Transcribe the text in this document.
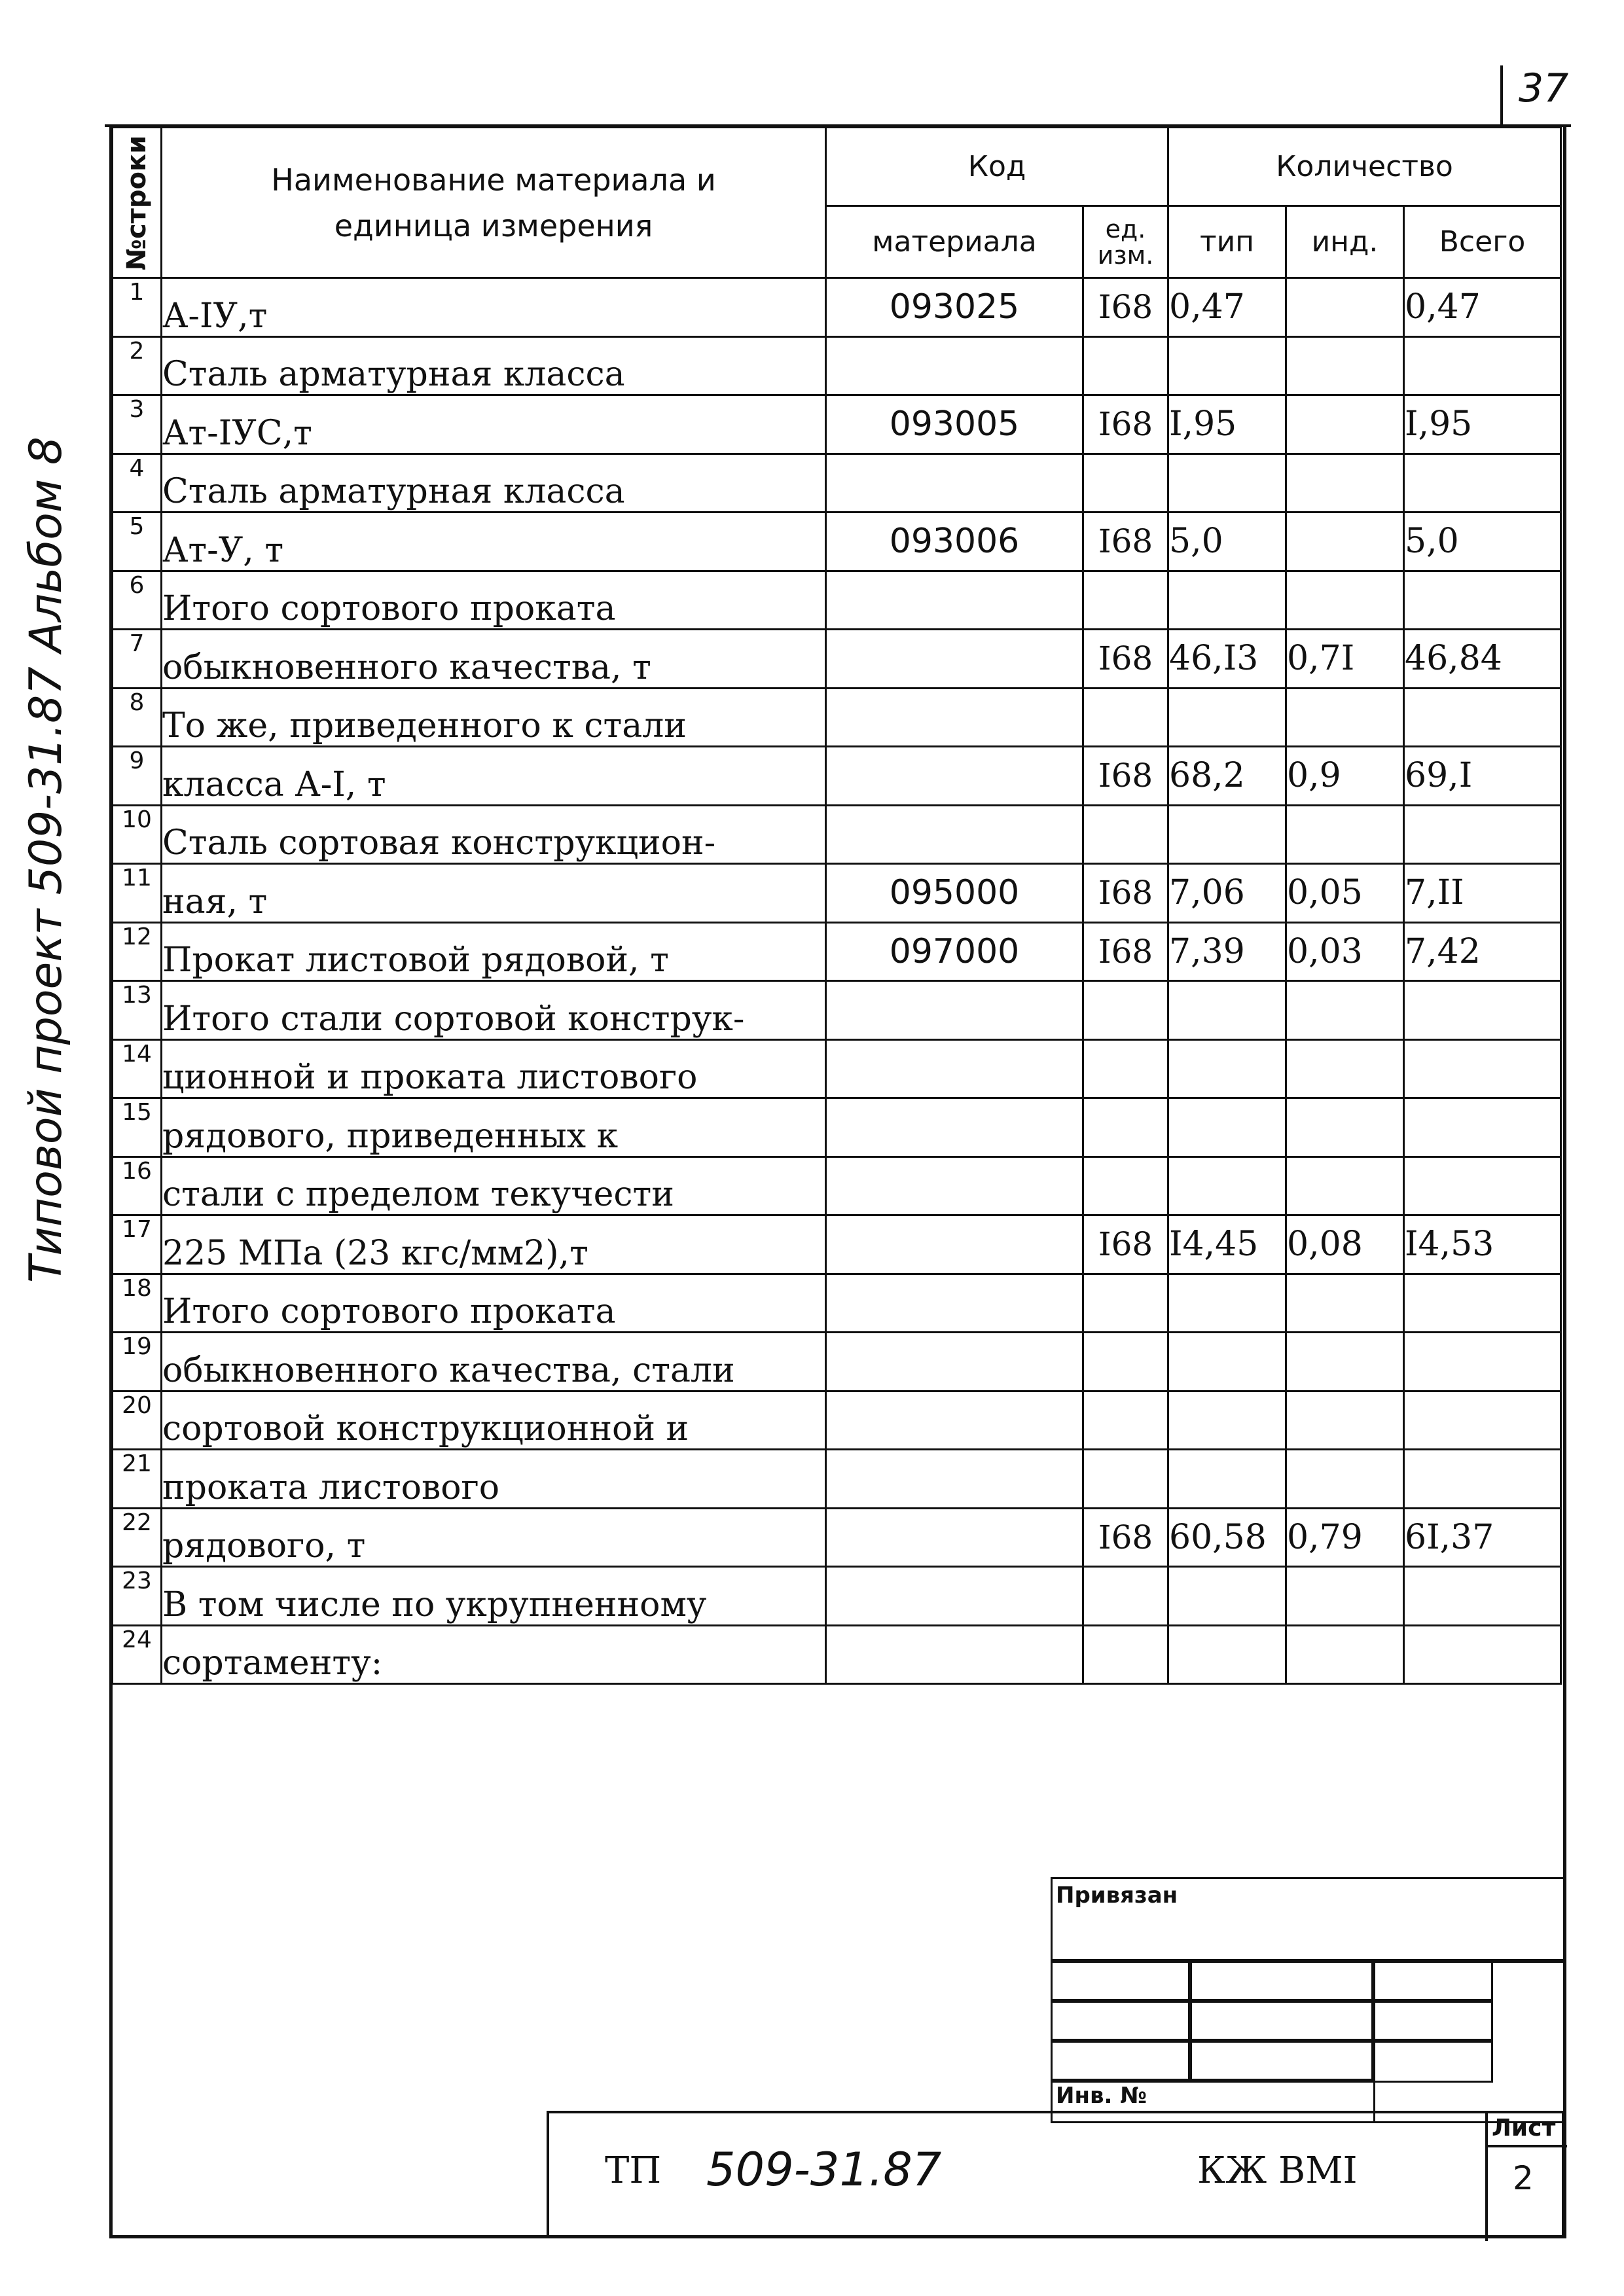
37
Типовой проект 509-31.87 Альбом 8
№строки	Наименование материала и единица измерения	Код		Количество		
		материала	ед. изм.	тип	инд.	Всего
1	А-IУ,т	093025	I68	0,47		0,47
2	Сталь арматурная класса					
3	Ат-IУС,т	093005	I68	I,95		I,95
4	Сталь арматурная класса					
5	Ат-У, т	093006	I68	5,0		5,0
6	Итого сортового проката					
7	обыкновенного качества, т		I68	46,I3	0,7I	46,84
8	То же, приведенного к стали					
9	класса А-I, т		I68	68,2	0,9	69,I
10	Сталь сортовая конструкцион-					
11	ная, т	095000	I68	7,06	0,05	7,II
12	Прокат листовой рядовой, т	097000	I68	7,39	0,03	7,42
13	Итого стали сортовой конструк-					
14	ционной и проката листового					
15	рядового, приведенных к					
16	стали с пределом текучести					
17	225 МПа (23 кгс/мм2),т		I68	I4,45	0,08	I4,53
18	Итого сортового проката					
19	обыкновенного качества, стали					
20	сортовой конструкционной и					
21	проката листового					
22	рядового, т		I68	60,58	0,79	6I,37
23	В том числе по укрупненному					
24	сортаменту:					
Привязан
Инв. №
ТП 509-31.87	КЖ ВМI
Лист
2
